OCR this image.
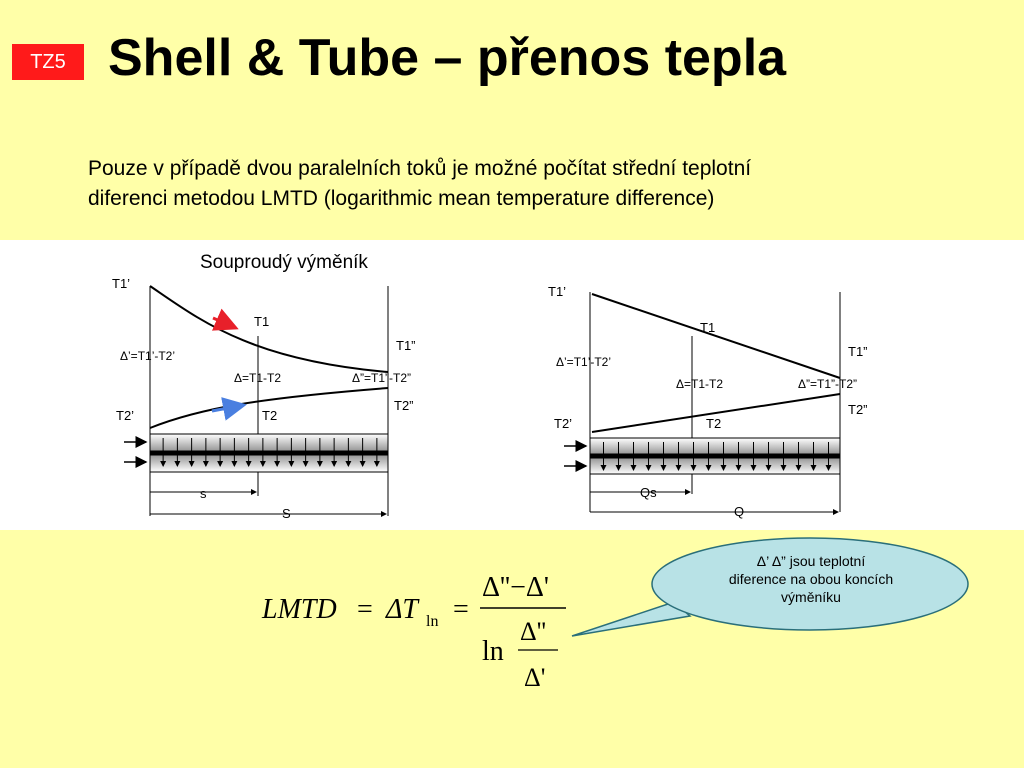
TZ5 Shell & Tube – přenos tepla
Pouze v případě dvou paralelních toků je možné počítat střední teplotní
diferenci metodou LMTD (logarithmic mean temperature difference)
Souproudý výměník
s
S
T1’
T1
T1”
T2’	T2
T2”
Δ’=T1’-T2’
Δ=T1-T2	Δ”=T1”-T2”
Qs
Q
T1’
T1
T1”
T2’	T2
T2”
Δ’=T1’-T2’
Δ=T1-T2	Δ”=T1”-T2”
LMTD = ΔT ln =
Δ''−Δ'
ln
Δ''
Δ'
Δ’ Δ” jsou teplotní
diference na obou koncích
výměníku
